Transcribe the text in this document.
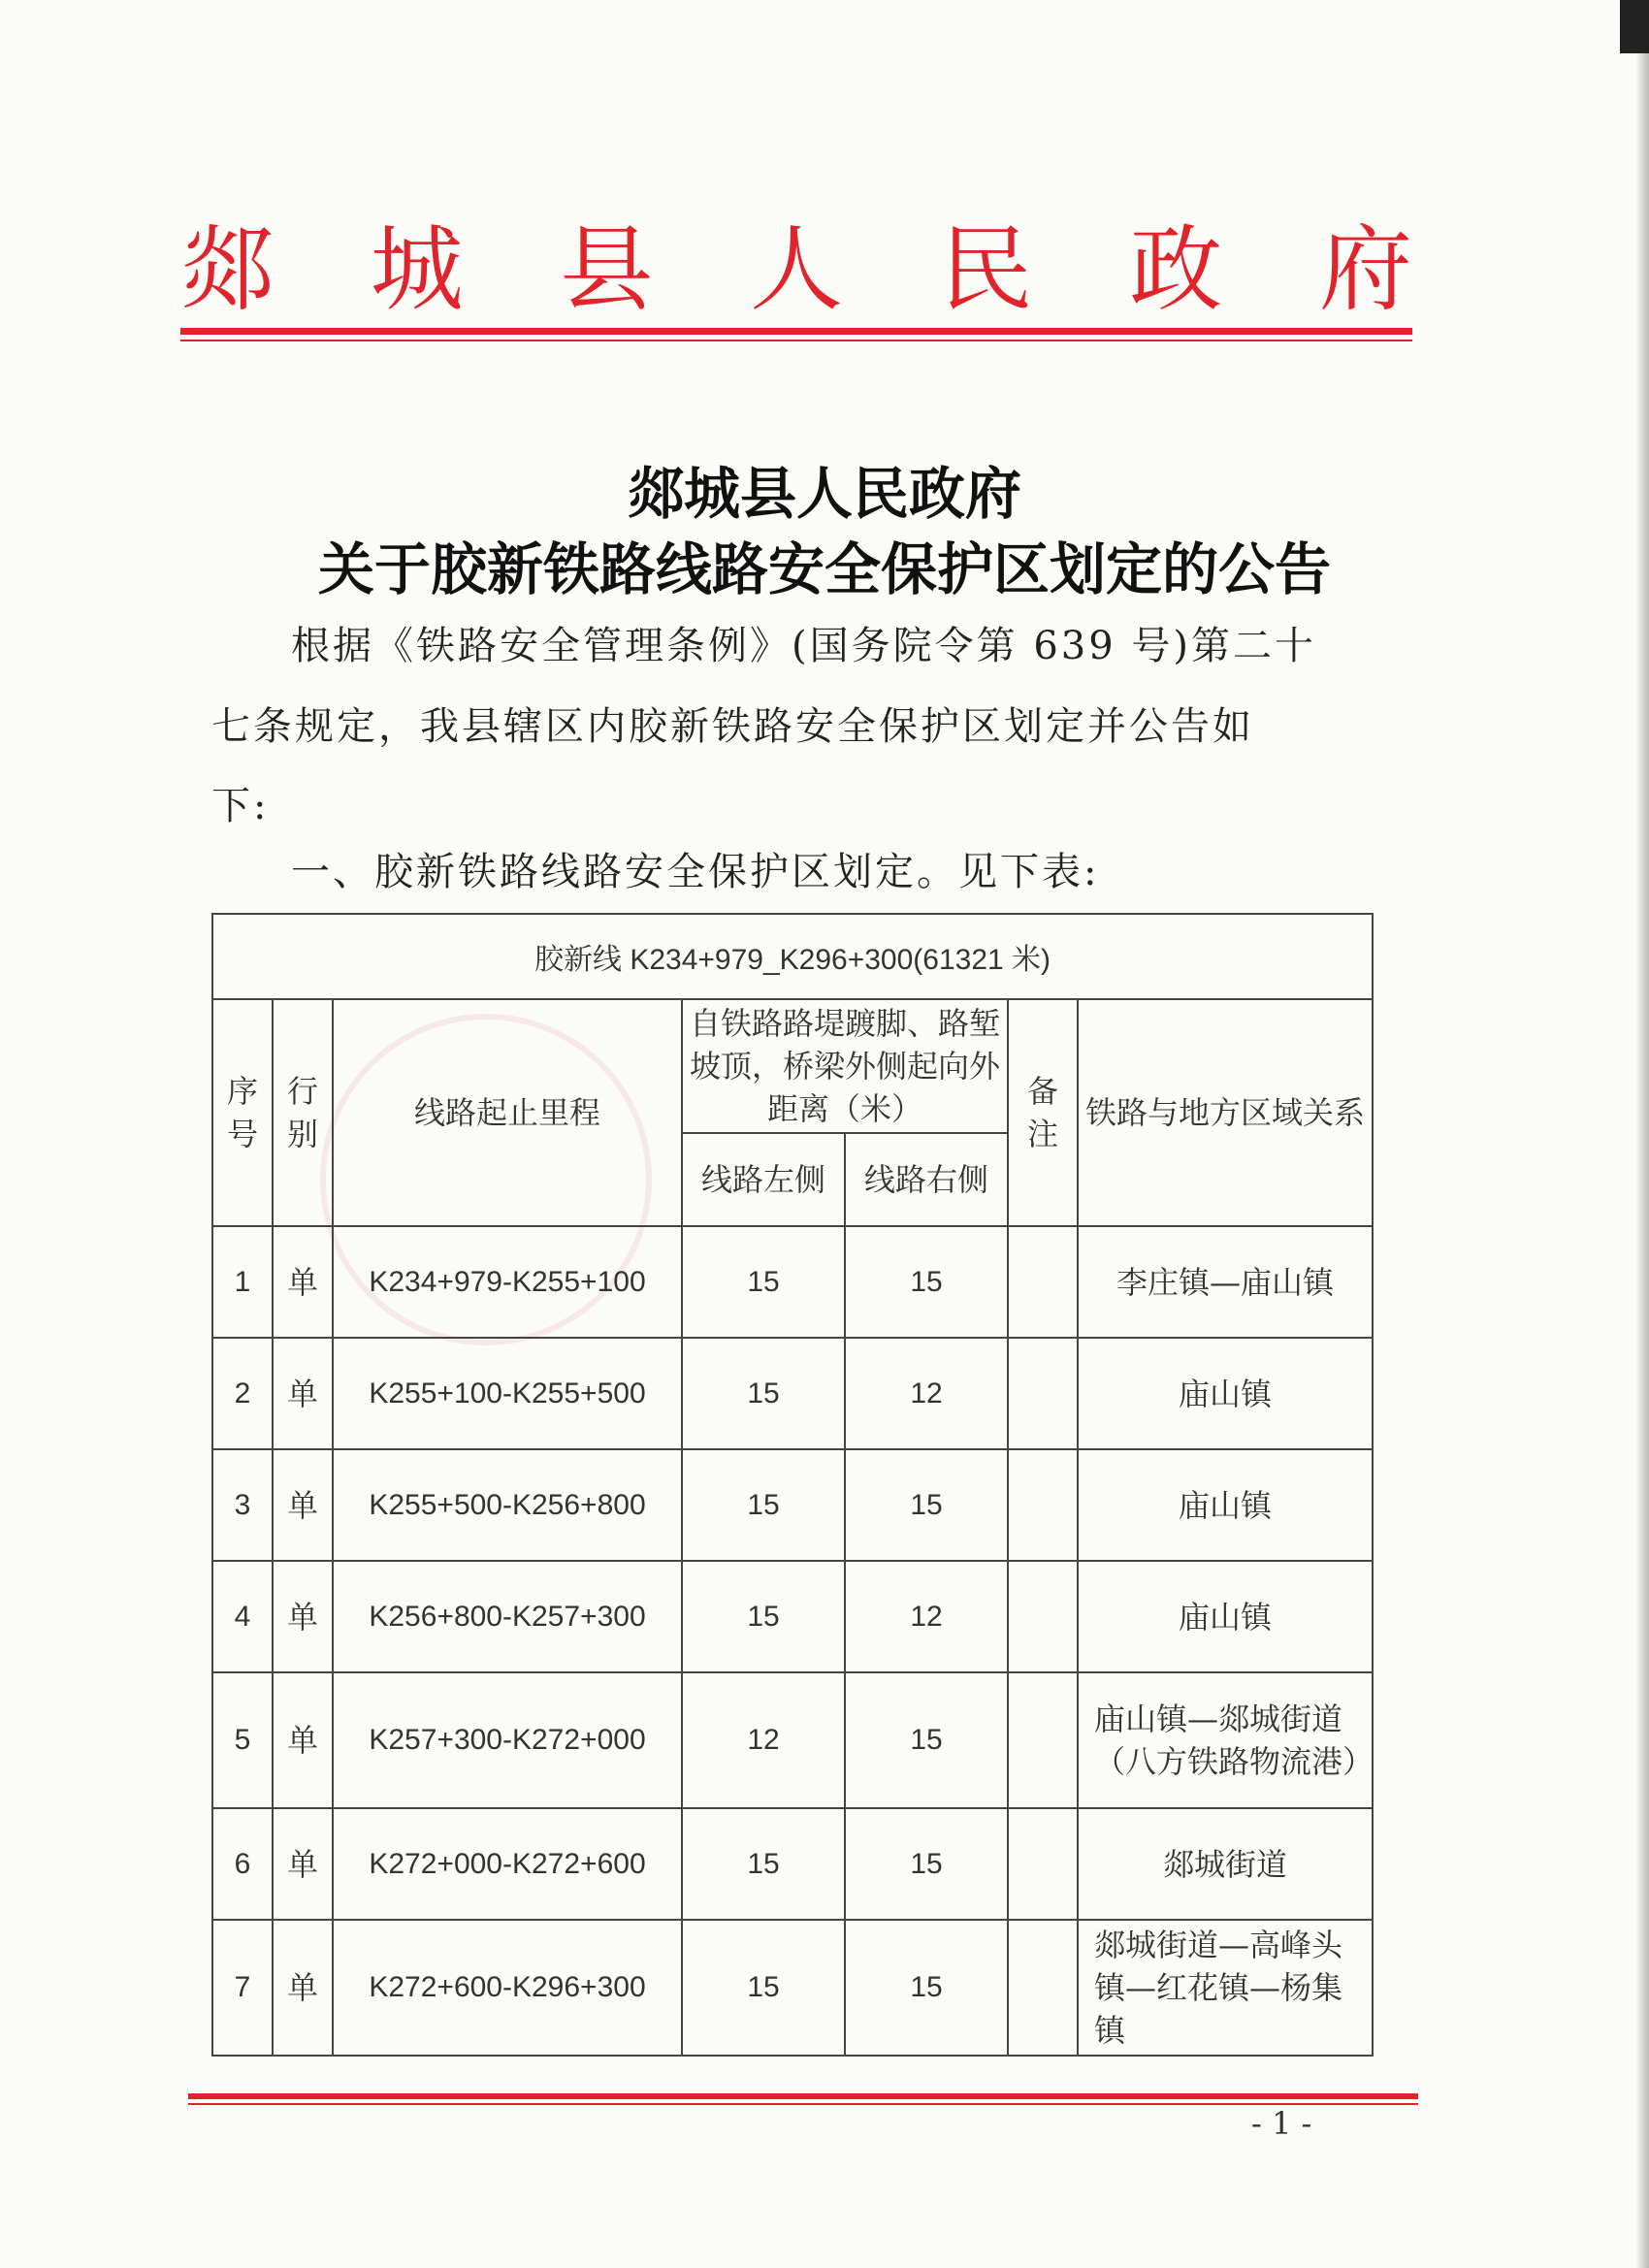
郯 城 县 人 民 政 府
郯城县人民政府
关于胶新铁路线路安全保护区划定的公告
根据《铁路安全管理条例》(国务院令第 639 号)第二十
七条规定，我县辖区内胶新铁路安全保护区划定并公告如
下:
一、胶新铁路线路安全保护区划定。见下表:
胶新线 K234+979_K296+300(61321 米)						
序号	行别	线路起止里程	自铁路路堤踱脚、路堑坡顶，桥梁外侧起向外距离（米）		备注	铁路与地方区域关系
			线路左侧	线路右侧		
1	单	K234+979-K255+100	15	15		李庄镇—庙山镇
2	单	K255+100-K255+500	15	12		庙山镇
3	单	K255+500-K256+800	15	15		庙山镇
4	单	K256+800-K257+300	15	12		庙山镇
5	单	K257+300-K272+000	12	15		庙山镇—郯城街道（八方铁路物流港）
6	单	K272+000-K272+600	15	15		郯城街道
7	单	K272+600-K296+300	15	15		郯城街道—高峰头镇—红花镇—杨集镇
- 1 -
